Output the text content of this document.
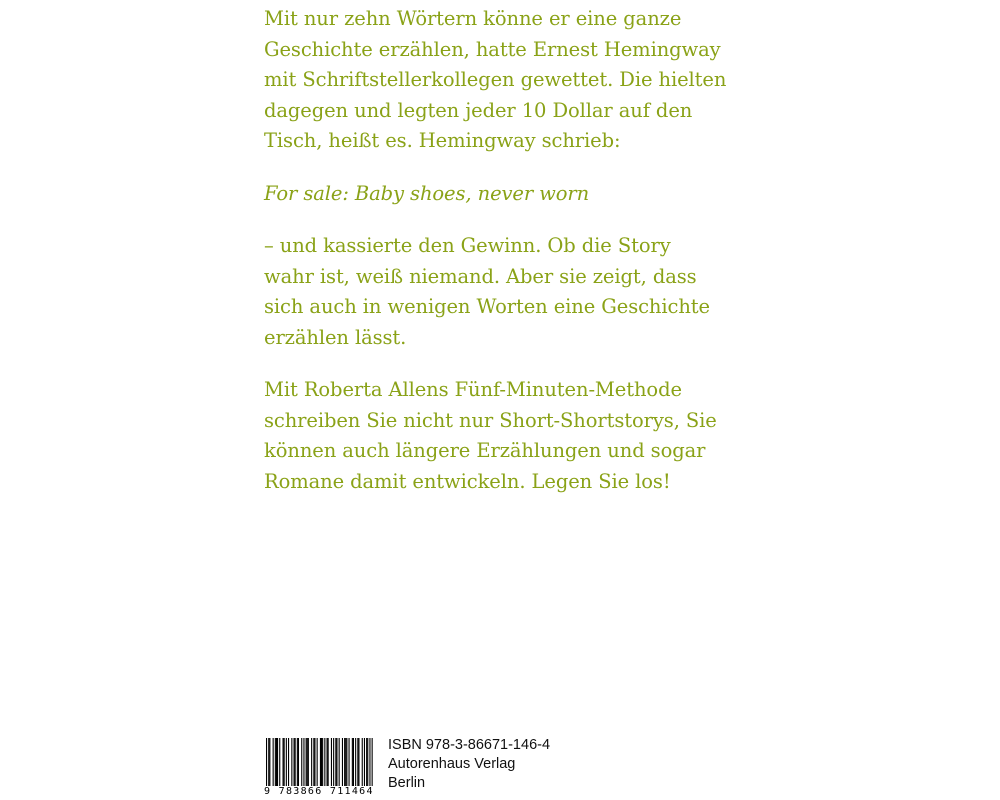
Mit nur zehn Wörtern könne er eine ganze

Geschichte erzählen, hatte Ernest Hemingway

mit Schriftstellerkollegen gewettet. Die hielten

dagegen und legten jeder 10 Dollar auf den

Tisch, heißt es. Hemingway schrieb:

For sale: Baby shoes, never worn

– und kassierte den Gewinn. Ob die Story

wahr ist, weiß niemand. Aber sie zeigt, dass

sich auch in wenigen Worten eine Geschichte

erzählen lässt.

Mit Roberta Allens Fünf-Minuten-Methode

schreiben Sie nicht nur Short-Shortstorys, Sie

können auch längere Erzählungen und sogar

Romane damit entwickeln. Legen Sie los!

9 783866 711464
ISBN 978-3-86671-146-4
Autorenhaus Verlag
Berlin
